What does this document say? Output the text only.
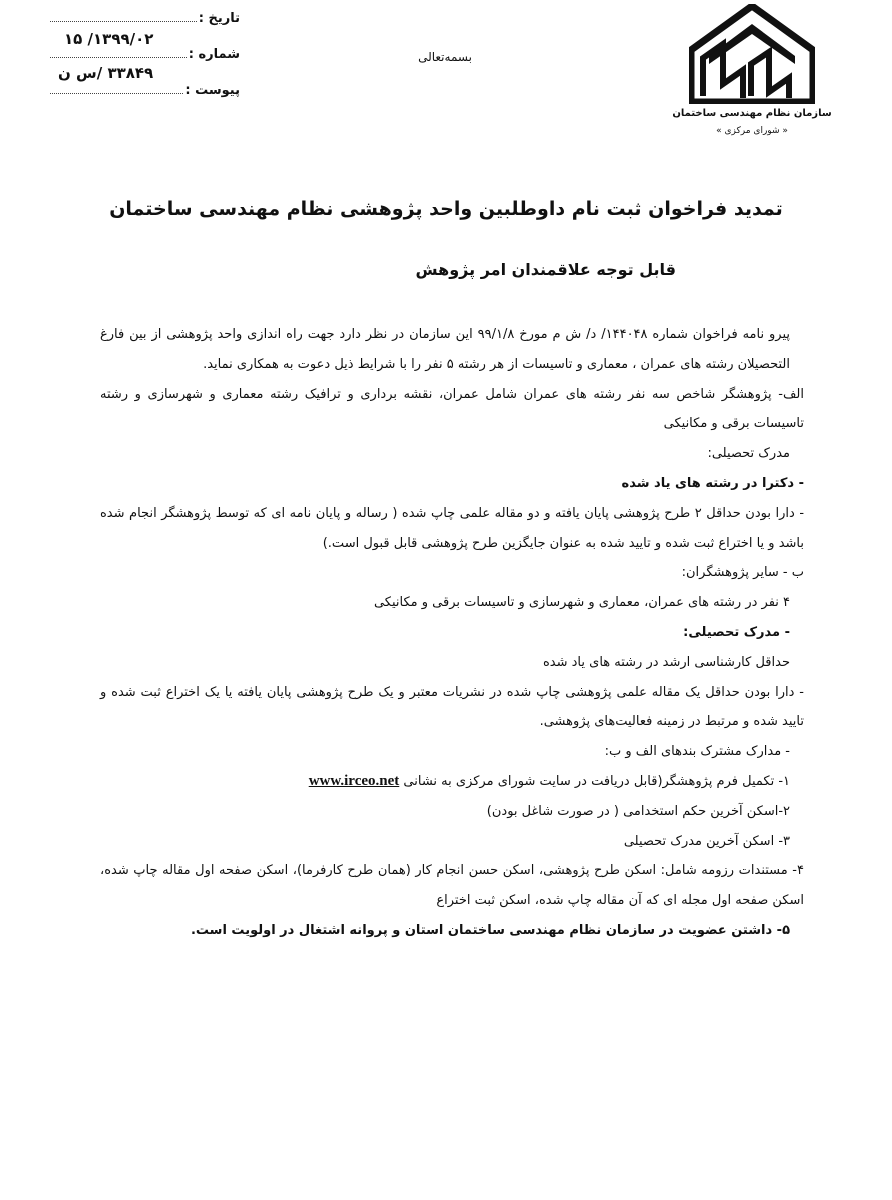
تاریخ :
شماره :
پیوست :
۱۳۹۹/۰۲/ ۱۵
۳۳۸۴۹ /س ن
بسمه‌تعالی
سازمان نظام مهندسی ساختمان
« شورای مرکزی »
تمدید فراخوان ثبت نام داوطلبین واحد پژوهشی نظام مهندسی ساختمان
قابل توجه علاقمندان امر پژوهش

پیرو نامه فراخوان شماره ۱۴۴۰۴۸/ د/ ش م مورخ ۹۹/۱/۸ این سازمان در نظر دارد جهت راه اندازی واحد پژوهشی از بین فارغ التحصیلان رشته های عمران ، معماری و تاسیسات از هر رشته ۵ نفر را با شرایط ذیل دعوت به همکاری نماید.

الف- پژوهشگر شاخص سه نفر رشته های عمران شامل عمران، نقشه برداری و ترافیک رشته معماری و شهرسازی و رشته تاسیسات برقی و مکانیکی

مدرک تحصیلی:

- دکترا در رشته های یاد شده

- دارا بودن حداقل ۲ طرح پژوهشی پایان یافته و دو مقاله علمی چاپ شده ( رساله و پایان نامه ای که توسط پژوهشگر انجام شده باشد و یا اختراع ثبت شده و تایید شده به عنوان جایگزین طرح پژوهشی قابل قبول است.)

ب - سایر پژوهشگران:

۴ نفر در رشته های عمران، معماری و شهرسازی و تاسیسات برقی و مکانیکی

- مدرک تحصیلی:

حداقل کارشناسی ارشد در رشته های یاد شده

- دارا بودن حداقل یک مقاله علمی پژوهشی چاپ شده در نشریات معتبر و یک طرح پژوهشی پایان یافته یا یک اختراع ثبت شده و تایید شده و مرتبط در زمینه فعالیت‌های پژوهشی.

- مدارک مشترک بندهای الف و ب:

۱- تکمیل فرم پژوهشگر(قابل دریافت در سایت شورای مرکزی به نشانی www.irceo.net

۲-اسکن آخرین حکم استخدامی ( در صورت شاغل بودن)

۳- اسکن آخرین مدرک تحصیلی

۴- مستندات رزومه شامل: اسکن طرح پژوهشی، اسکن حسن انجام کار (همان طرح کارفرما)، اسکن صفحه اول مقاله چاپ شده، اسکن صفحه اول مجله ای که آن مقاله چاپ شده، اسکن ثبت اختراع

۵- داشتن عضویت در سازمان نظام مهندسی ساختمان استان و پروانه اشتغال در اولویت است.
